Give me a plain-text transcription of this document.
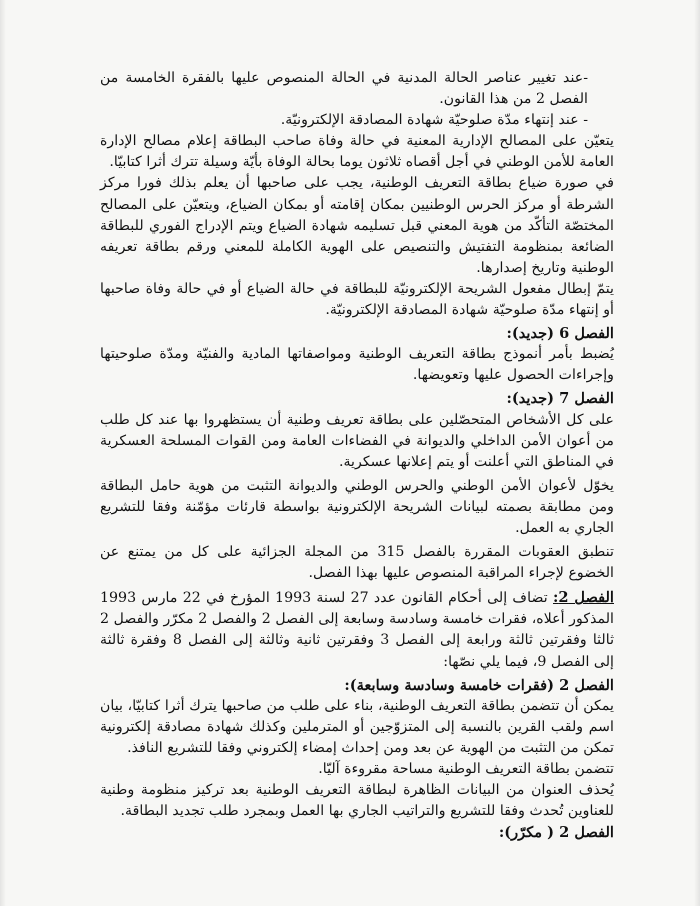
-عند تغيير عناصر الحالة المدنية في الحالة المنصوص عليها بالفقرة الخامسة من الفصل 2 من هذا القانون.

- عند إنتهاء مدّة صلوحيّة شهادة المصادقة الإلكترونيّة.

يتعيّن على المصالح الإدارية المعنية في حالة وفاة صاحب البطاقة إعلام مصالح الإدارة العامة للأمن الوطني في أجل أقصاه ثلاثون يوما بحالة الوفاة بأيّة وسيلة تترك أثرا كتابيّا.

في صورة ضياع بطاقة التعريف الوطنية، يجب على صاحبها أن يعلم بذلك فورا مركز الشرطة أو مركز الحرس الوطنيين بمكان إقامته أو بمكان الضياع، ويتعيّن على المصالح المختصّة التأكّد من هوية المعني قبل تسليمه شهادة الضياع ويتم الإدراج الفوري للبطاقة الضائعة بمنظومة التفتيش والتنصيص على الهوية الكاملة للمعني ورقم بطاقة تعريفه الوطنية وتاريخ إصدارها.

يتمّ إبطال مفعول الشريحة الإلكترونيّة للبطاقة في حالة الضياع أو في حالة وفاة صاحبها أو إنتهاء مدّة صلوحيّة شهادة المصادقة الإلكترونيّة.

الفصل 6 (جديد):

يُضبط بأمر أنموذج بطاقة التعريف الوطنية ومواصفاتها المادية والفنيّة ومدّة صلوحيتها وإجراءات الحصول عليها وتعويضها.

الفصل 7 (جديد):

على كل الأشخاص المتحصّلين على بطاقة تعريف وطنية أن يستظهروا بها عند كل طلب من أعوان الأمن الداخلي والديوانة في الفضاءات العامة ومن القوات المسلحة العسكرية في المناطق التي أعلنت أو يتم إعلانها عسكرية.

يخوّل لأعوان الأمن الوطني والحرس الوطني والديوانة التثبت من هوية حامل البطاقة ومن مطابقة بصمته لبيانات الشريحة الإلكترونية بواسطة قارئات مؤمّنة وفقا للتشريع الجاري به العمل.

تنطبق العقوبات المقررة بالفصل 315 من المجلة الجزائية على كل من يمتنع عن الخضوع لإجراء المراقبة المنصوص عليها بهذا الفصل.

الفصل 2: تضاف إلى أحكام القانون عدد 27 لسنة 1993 المؤرخ في 22 مارس 1993 المذكور أعلاه، فقرات خامسة وسادسة وسابعة إلى الفصل 2 والفصل 2 مكرّر والفصل 2 ثالثا وفقرتين ثالثة ورابعة إلى الفصل 3 وفقرتين ثانية وثالثة إلى الفصل 8 وفقرة ثالثة إلى الفصل 9، فيما يلي نصّها:

الفصل 2 (فقرات خامسة وسادسة وسابعة):

يمكن أن تتضمن بطاقة التعريف الوطنية، بناء على طلب من صاحبها يترك أثرا كتابيّا، بيان اسم ولقب القرين بالنسبة إلى المتزوّجين أو المترملين وكذلك شهادة مصادقة إلكترونية تمكن من التثبت من الهوية عن بعد ومن إحداث إمضاء إلكتروني وفقا للتشريع النافذ.

تتضمن بطاقة التعريف الوطنية مساحة مقروءة آليّا.

يُحذف العنوان من البيانات الظاهرة لبطاقة التعريف الوطنية بعد تركيز منظومة وطنية للعناوين تُحدث وفقا للتشريع والتراتيب الجاري بها العمل وبمجرد طلب تجديد البطاقة.

الفصل 2 ( مكرّر):
